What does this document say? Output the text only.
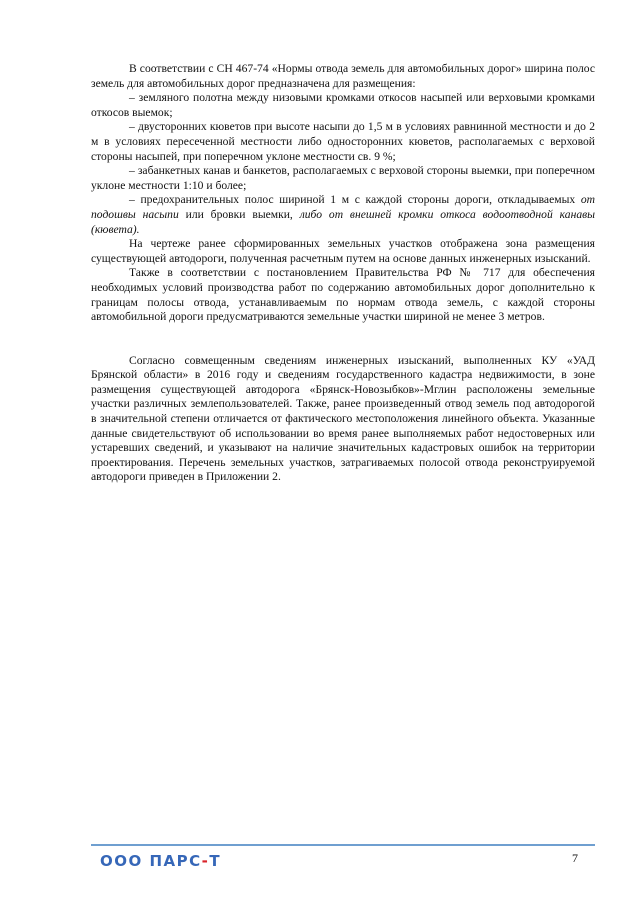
В соответствии с СН 467-74 «Нормы отвода земель для автомобильных дорог» ширина полос земель для автомобильных дорог предназначена для размещения:

– земляного полотна между низовыми кромками откосов насыпей или верховыми кромками откосов выемок;

– двусторонних кюветов при высоте насыпи до 1,5 м в условиях равнинной местности и до 2 м в условиях пересеченной местности либо односторонних кюветов, располагаемых с верховой стороны насыпей, при поперечном уклоне местности св. 9 %;

– забанкетных канав и банкетов, располагаемых с верховой стороны выемки, при поперечном уклоне местности 1:10 и более;

– предохранительных полос шириной 1 м с каждой стороны дороги, откладываемых от подошвы насыпи или бровки выемки, либо от внешней кромки откоса водоотводной канавы (кювета).

На чертеже ранее сформированных земельных участков отображена зона размещения существующей автодороги, полученная расчетным путем на основе данных инженерных изысканий.

Также в соответствии с постановлением Правительства РФ № 717 для обеспечения необходимых условий производства работ по содержанию автомобильных дорог дополнительно к границам полосы отвода, устанавливаемым по нормам отвода земель, с каждой стороны автомобильной дороги предусматриваются земельные участки шириной не менее 3 метров.

Согласно совмещенным сведениям инженерных изысканий, выполненных КУ «УАД Брянской области» в 2016 году и сведениям государственного кадастра недвижимости, в зоне размещения существующей автодорога «Брянск-Новозыбков»-Мглин расположены земельные участки различных землепользователей. Также, ранее произведенный отвод земель под автодорогой в значительной степени отличается от фактического местоположения линейного объекта. Указанные данные свидетельствуют об использовании во время ранее выполняемых работ недостоверных или устаревших сведений, и указывают на наличие значительных кадастровых ошибок на территории проектирования. Перечень земельных участков, затрагиваемых полосой отвода реконструируемой автодороги приведен в Приложении 2.

ООО ПАРС-Т	7
